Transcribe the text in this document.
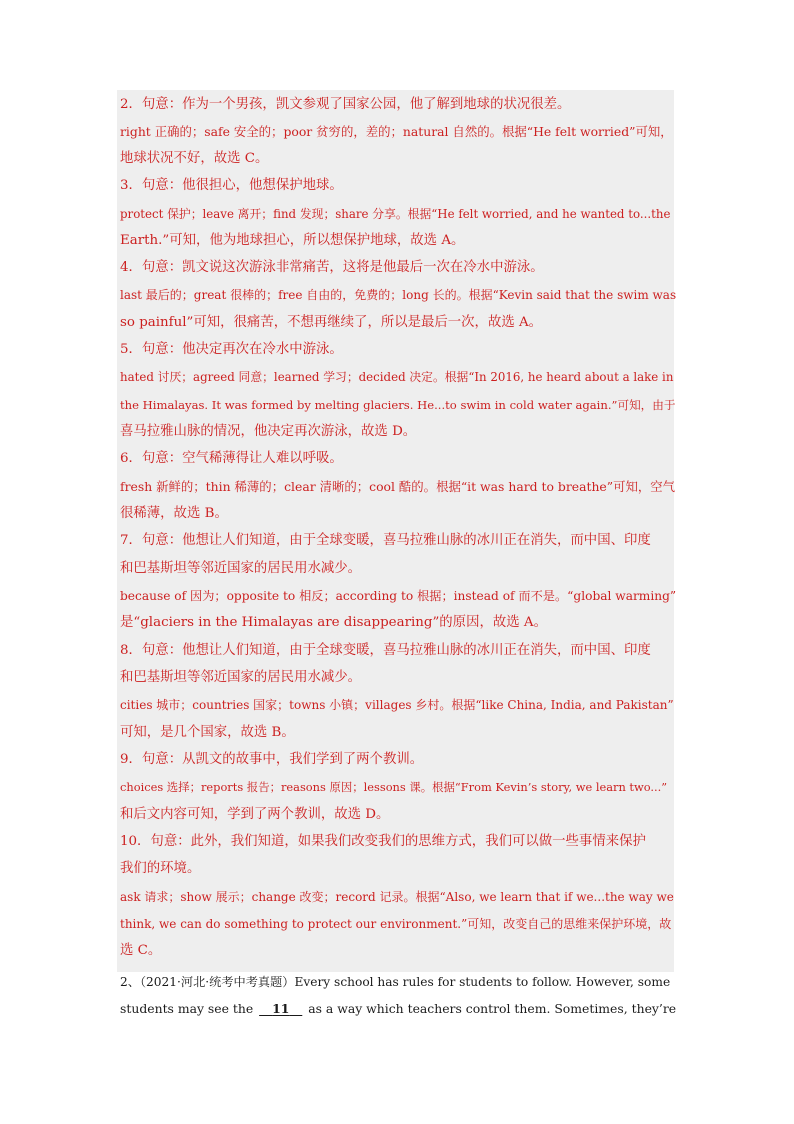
2．句意：作为一个男孩，凯文参观了国家公园，他了解到地球的状况很差。
right 正确的；safe 安全的；poor 贫穷的，差的；natural 自然的。根据“He felt worried”可知，
地球状况不好，故选 C。
3．句意：他很担心，他想保护地球。
protect 保护；leave 离开；find 发现；share 分享。根据“He felt worried, and he wanted to...the
Earth.”可知，他为地球担心，所以想保护地球，故选 A。
4．句意：凯文说这次游泳非常痛苦，这将是他最后一次在冷水中游泳。
last 最后的；great 很棒的；free 自由的，免费的；long 长的。根据“Kevin said that the swim was
so painful”可知，很痛苦，不想再继续了，所以是最后一次，故选 A。
5．句意：他决定再次在冷水中游泳。
hated 讨厌；agreed 同意；learned 学习；decided 决定。根据“In 2016, he heard about a lake in
the Himalayas. It was formed by melting glaciers. He...to swim in cold water again.”可知，由于
喜马拉雅山脉的情况，他决定再次游泳，故选 D。
6．句意：空气稀薄得让人难以呼吸。
fresh 新鲜的；thin 稀薄的；clear 清晰的；cool 酷的。根据“it was hard to breathe”可知，空气
很稀薄，故选 B。
7．句意：他想让人们知道，由于全球变暖，喜马拉雅山脉的冰川正在消失，而中国、印度
和巴基斯坦等邻近国家的居民用水减少。
because of 因为；opposite to 相反；according to 根据；instead of 而不是。“global warming”
是“glaciers in the Himalayas are disappearing”的原因，故选 A。
8．句意：他想让人们知道，由于全球变暖，喜马拉雅山脉的冰川正在消失，而中国、印度
和巴基斯坦等邻近国家的居民用水减少。
cities 城市；countries 国家；towns 小镇；villages 乡村。根据“like China, India, and Pakistan”
可知，是几个国家，故选 B。
9．句意：从凯文的故事中，我们学到了两个教训。
choices 选择；reports 报告；reasons 原因；lessons 课。根据“From Kevin’s story, we learn two...”
和后文内容可知，学到了两个教训，故选 D。
10．句意：此外，我们知道，如果我们改变我们的思维方式，我们可以做一些事情来保护
我们的环境。
ask 请求；show 展示；change 改变；record 记录。根据“Also, we learn that if we...the way we
think, we can do something to protect our environment.”可知，改变自己的思维来保护环境，故
选 C。
2、（2021·河北·统考中考真题）Every school has rules for students to follow. However, some
students may see the 11 as a way which teachers control them. Sometimes, they’re
